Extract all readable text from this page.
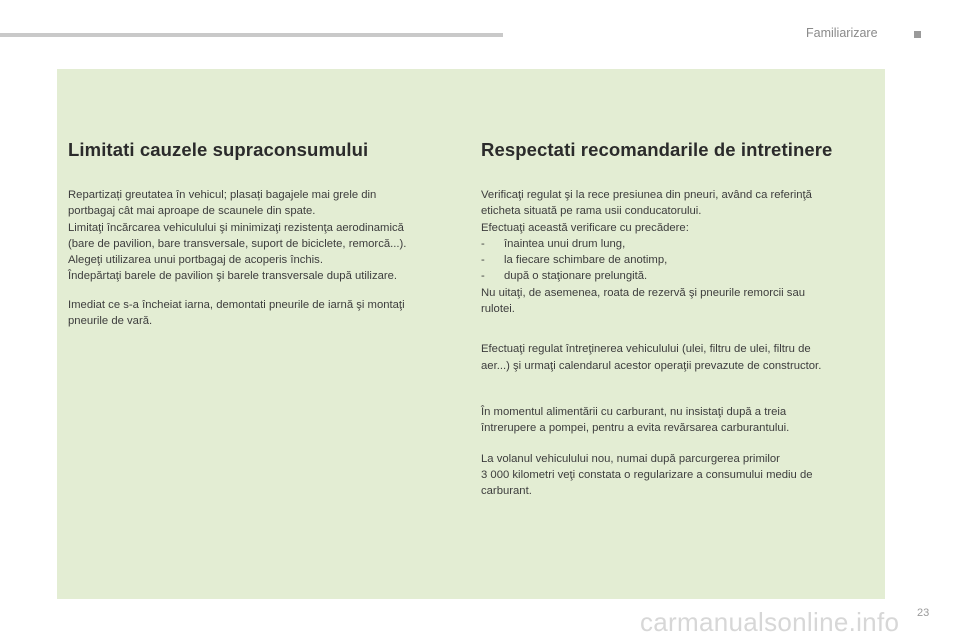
Familiarizare
Limitati cauzele supraconsumului

Repartizați greutatea în vehicul; plasați bagajele mai grele din
portbagaj cât mai aproape de scaunele din spate.
Limitaţi încărcarea vehiculului şi minimizaţi rezistenţa aerodinamică
(bare de pavilion, bare transversale, suport de biciclete, remorcă...).
Alegeţi utilizarea unui portbagaj de acoperis închis.
Îndepărtaţi barele de pavilion şi barele transversale după utilizare.

Imediat ce s-a încheiat iarna, demontati pneurile de iarnă şi montaţi
pneurile de vară.

Respectati recomandarile de intretinere

Verificaţi regulat şi la rece presiunea din pneuri, având ca referinţă
eticheta situată pe rama usii conducatorului.
Efectuaţi această verificare cu precădere:

- înaintea unui drum lung,
- la fiecare schimbare de anotimp,
- după o staţionare prelungită.

Nu uitaţi, de asemenea, roata de rezervă şi pneurile remorcii sau
rulotei.

Efectuaţi regulat întreţinerea vehiculului (ulei, filtru de ulei, filtru de
aer...) şi urmaţi calendarul acestor operaţii prevazute de constructor.

În momentul alimentării cu carburant, nu insistaţi după a treia
întrerupere a pompei, pentru a evita revărsarea carburantului.

La volanul vehiculului nou, numai după parcurgerea primilor
3 000 kilometri veţi constata o regularizare a consumului mediu de
carburant.

carmanualsonline.info 23
